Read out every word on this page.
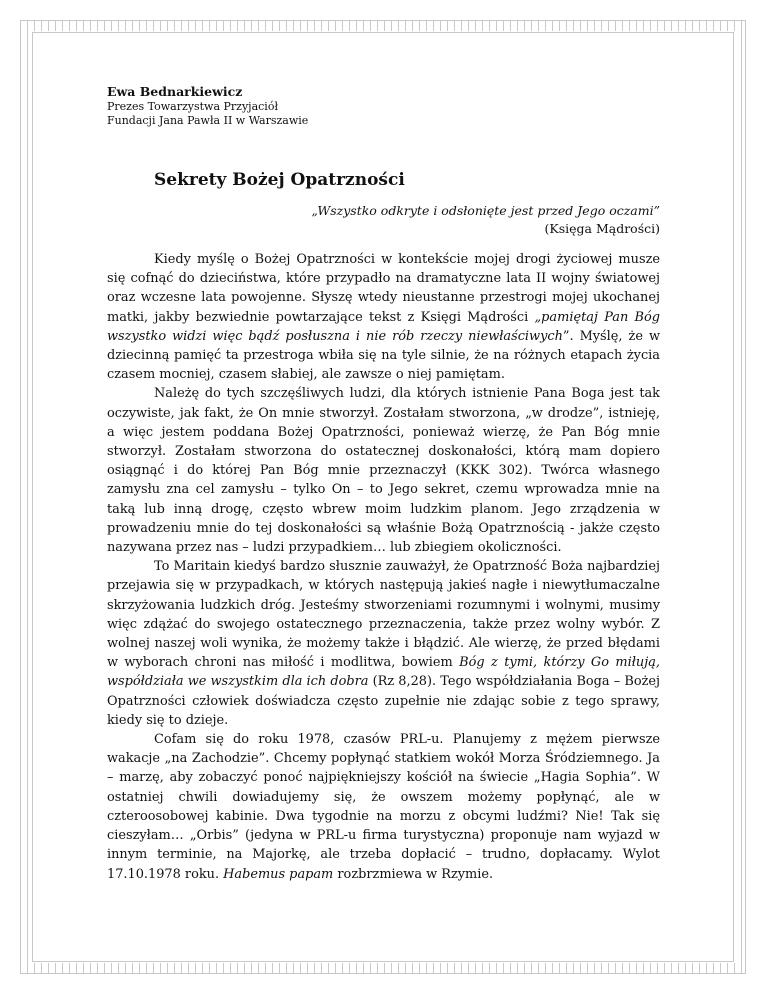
Ewa Bednarkiewicz

Prezes Towarzystwa Przyjaciół

Fundacji Jana Pawła II w Warszawie

Sekrety Bożej Opatrzności
„Wszystko odkryte i odsłonięte jest przed Jego oczami”
(Księga Mądrości)

Kiedy myślę o Bożej Opatrzności w kontekście mojej drogi życiowej musze się cofnąć do dzieciństwa, które przypadło na dramatyczne lata II wojny światowej oraz wczesne lata powojenne. Słyszę wtedy nieustanne przestrogi mojej ukochanej matki, jakby bezwiednie powtarzające tekst z Księgi Mądrości „pamiętaj Pan Bóg wszystko widzi więc bądź posłuszna i nie rób rzeczy niewłaściwych”. Myślę, że w dziecinną pamięć ta przestroga wbiła się na tyle silnie, że na różnych etapach życia czasem mocniej, czasem słabiej, ale zawsze o niej pamiętam.

Należę do tych szczęśliwych ludzi, dla których istnienie Pana Boga jest tak oczywiste, jak fakt, że On mnie stworzył. Zostałam stworzona, „w drodze”, istnieję, a więc jestem poddana Bożej Opatrzności, ponieważ wierzę, że Pan Bóg mnie stworzył. Zostałam stworzona do ostatecznej doskonałości, którą mam dopiero osiągnąć i do której Pan Bóg mnie przeznaczył (KKK 302). Twórca własnego zamysłu zna cel zamysłu – tylko On – to Jego sekret, czemu wprowadza mnie na taką lub inną drogę, często wbrew moim ludzkim planom. Jego zrządzenia w prowadzeniu mnie do tej doskonałości są właśnie Bożą Opatrznością - jakże często nazywana przez nas – ludzi przypadkiem… lub zbiegiem okoliczności.

To Maritain kiedyś bardzo słusznie zauważył, że Opatrzność Boża najbardziej przejawia się w przypadkach, w których następują jakieś nagłe i niewytłumaczalne skrzyżowania ludzkich dróg. Jesteśmy stworzeniami rozumnymi i wolnymi, musimy więc zdążać do swojego ostatecznego przeznaczenia, także przez wolny wybór. Z wolnej naszej woli wynika, że możemy także i błądzić. Ale wierzę, że przed błędami w wyborach chroni nas miłość i modlitwa, bowiem Bóg z tymi, którzy Go miłują, współdziała we wszystkim dla ich dobra (Rz 8,28). Tego współdziałania Boga – Bożej Opatrzności człowiek doświadcza często zupełnie nie zdając sobie z tego sprawy, kiedy się to dzieje.

Cofam się do roku 1978, czasów PRL-u. Planujemy z mężem pierwsze wakacje „na Zachodzie”. Chcemy popłynąć statkiem wokół Morza Śródziemnego. Ja – marzę, aby zobaczyć ponoć najpiękniejszy kościół na świecie „Hagia Sophia”. W ostatniej chwili dowiadujemy się, że owszem możemy popłynąć, ale w czteroosobowej kabinie. Dwa tygodnie na morzu z obcymi ludźmi? Nie! Tak się cieszyłam… „Orbis” (jedyna w PRL-u firma turystyczna) proponuje nam wyjazd w innym terminie, na Majorkę, ale trzeba dopłacić – trudno, dopłacamy. Wylot 17.10.1978 roku. Habemus papam rozbrzmiewa w Rzymie.
